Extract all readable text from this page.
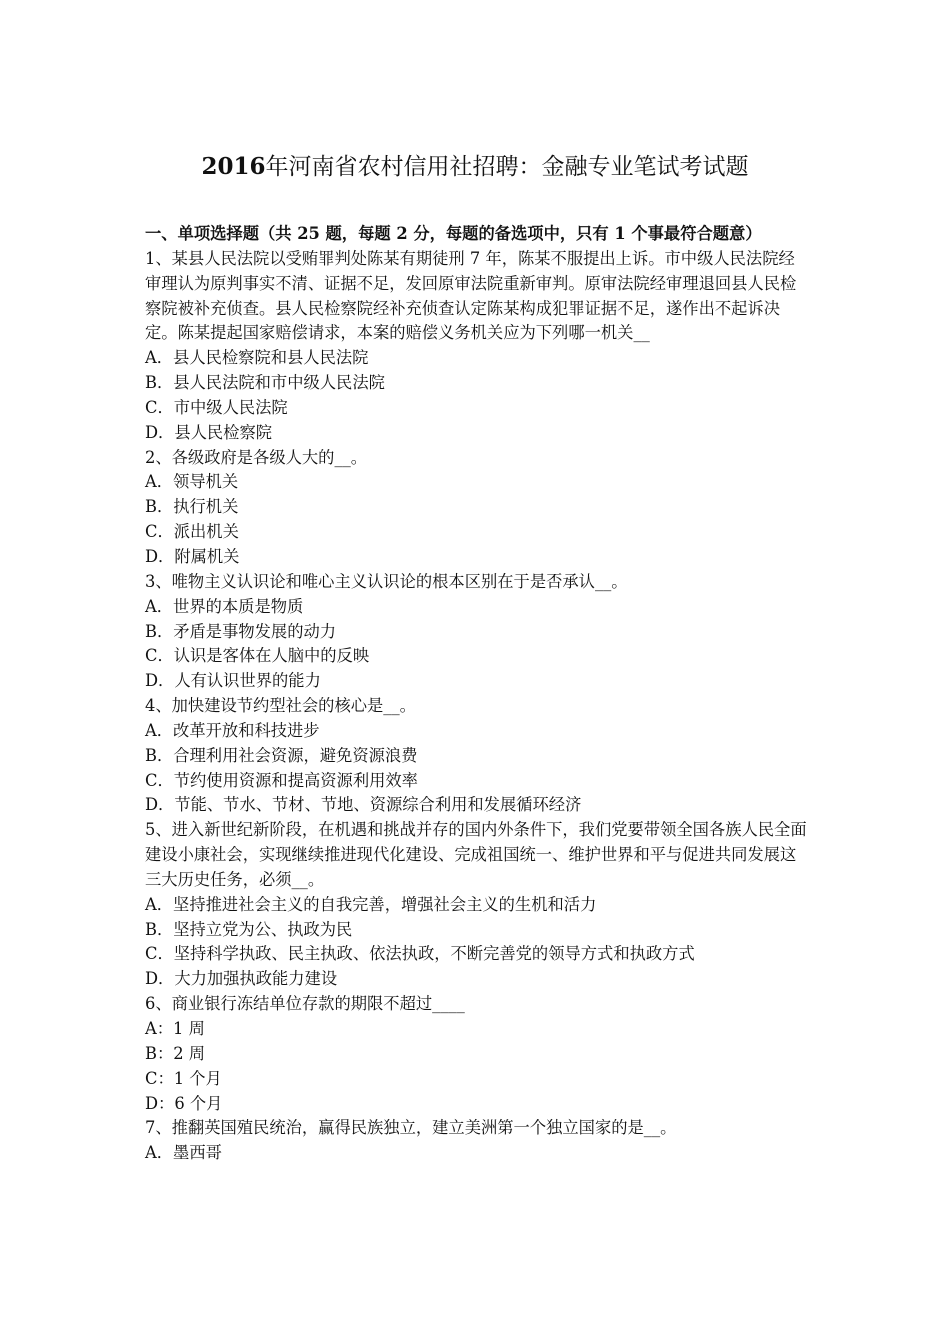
2016年河南省农村信用社招聘：金融专业笔试考试题

一、单项选择题（共 25 题，每题 2 分，每题的备选项中，只有 1 个事最符合题意）

1、某县人民法院以受贿罪判处陈某有期徒刑 7 年，陈某不服提出上诉。市中级人民法院经审理认为原判事实不清、证据不足，发回原审法院重新审判。原审法院经审理退回县人民检察院被补充侦查。县人民检察院经补充侦查认定陈某构成犯罪证据不足，遂作出不起诉决定。陈某提起国家赔偿请求，本案的赔偿义务机关应为下列哪一机关__

A．县人民检察院和县人民法院

B．县人民法院和市中级人民法院

C．市中级人民法院

D．县人民检察院

2、各级政府是各级人大的__。

A．领导机关

B．执行机关

C．派出机关

D．附属机关

3、唯物主义认识论和唯心主义认识论的根本区别在于是否承认__。

A．世界的本质是物质

B．矛盾是事物发展的动力

C．认识是客体在人脑中的反映

D．人有认识世界的能力

4、加快建设节约型社会的核心是__。

A．改革开放和科技进步

B．合理利用社会资源，避免资源浪费

C．节约使用资源和提高资源利用效率

D．节能、节水、节材、节地、资源综合利用和发展循环经济

5、进入新世纪新阶段，在机遇和挑战并存的国内外条件下，我们党要带领全国各族人民全面建设小康社会，实现继续推进现代化建设、完成祖国统一、维护世界和平与促进共同发展这三大历史任务，必须__。

A．坚持推进社会主义的自我完善，增强社会主义的生机和活力

B．坚持立党为公、执政为民

C．坚持科学执政、民主执政、依法执政，不断完善党的领导方式和执政方式

D．大力加强执政能力建设

6、商业银行冻结单位存款的期限不超过____

A：1 周

B：2 周

C：1 个月

D：6 个月

7、推翻英国殖民统治，赢得民族独立，建立美洲第一个独立国家的是__。

A．墨西哥
